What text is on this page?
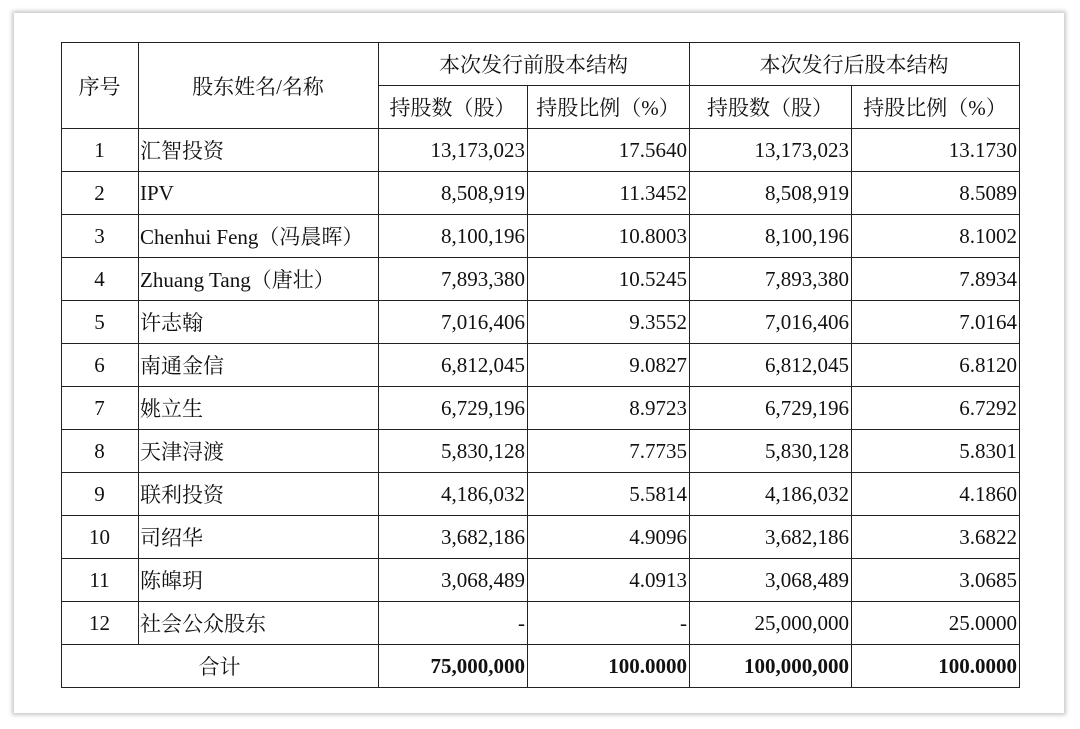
序号	股东姓名/名称	本次发行前股本结构		本次发行后股本结构	
		持股数（股）	持股比例（%）	持股数（股）	持股比例（%）
1	汇智投资	13,173,023	17.5640	13,173,023	13.1730
2	IPV	8,508,919	11.3452	8,508,919	8.5089
3	Chenhui Feng（冯晨晖）	8,100,196	10.8003	8,100,196	8.1002
4	Zhuang Tang（唐壮）	7,893,380	10.5245	7,893,380	7.8934
5	许志翰	7,016,406	9.3552	7,016,406	7.0164
6	南通金信	6,812,045	9.0827	6,812,045	6.8120
7	姚立生	6,729,196	8.9723	6,729,196	6.7292
8	天津浔渡	5,830,128	7.7735	5,830,128	5.8301
9	联利投资	4,186,032	5.5814	4,186,032	4.1860
10	司绍华	3,682,186	4.9096	3,682,186	3.6822
11	陈皡玥	3,068,489	4.0913	3,068,489	3.0685
12	社会公众股东	-	-	25,000,000	25.0000
合计		75,000,000	100.0000	100,000,000	100.0000
